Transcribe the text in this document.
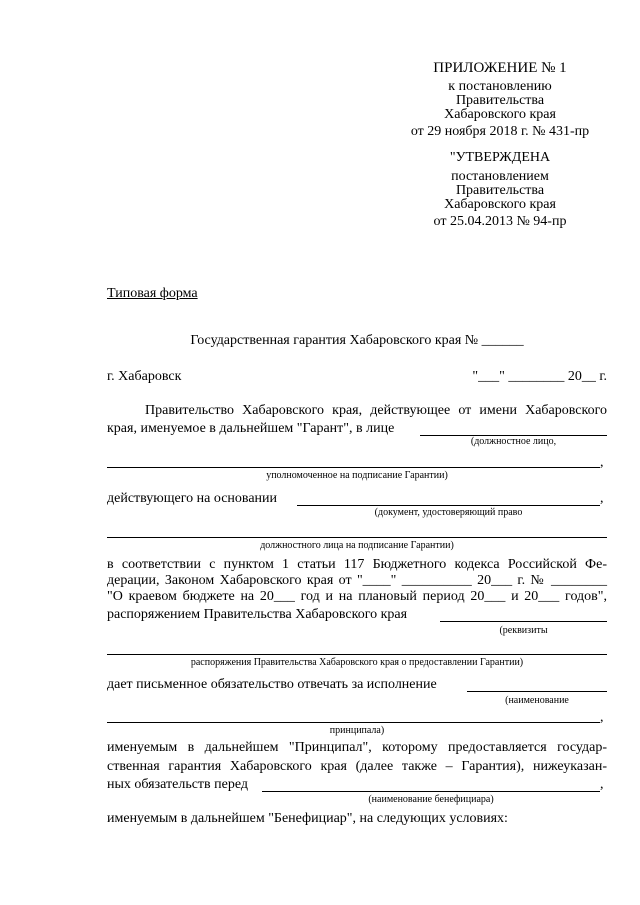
ПРИЛОЖЕНИЕ № 1
к постановлению
Правительства
Хабаровского края
от 29 ноября 2018 г. № 431-пр
"УТВЕРЖДЕНА
постановлением
Правительства
Хабаровского края
от 25.04.2013 № 94-пр
Типовая форма
Государственная гарантия Хабаровского края № ______
г. Хабаровск	"___" ________ 20__ г.
Правительство Хабаровского края, действующее от имени Хабаровского
края, именуемое в дальнейшем "Гарант", в лице
(должностное лицо,
,
уполномоченное на подписание Гарантии)
действующего на основании	,
(документ, удостоверяющий право
должностного лица на подписание Гарантии)
в соответствии с пунктом 1 статьи 117 Бюджетного кодекса Российской Фе-
дерации, Законом Хабаровского края от "____" __________ 20___ г. № ________
"О краевом бюджете на 20___ год и на плановый период 20___ и 20___ годов",
распоряжением Правительства Хабаровского края
(реквизиты
распоряжения Правительства Хабаровского края о предоставлении Гарантии)
дает письменное обязательство отвечать за исполнение
(наименование
,
принципала)
именуемым в дальнейшем "Принципал", которому предоставляется государ-
ственная гарантия Хабаровского края (далее также – Гарантия), нижеуказан-
ных обязательств перед	,
(наименование бенефициара)
именуемым в дальнейшем "Бенефициар", на следующих условиях:
